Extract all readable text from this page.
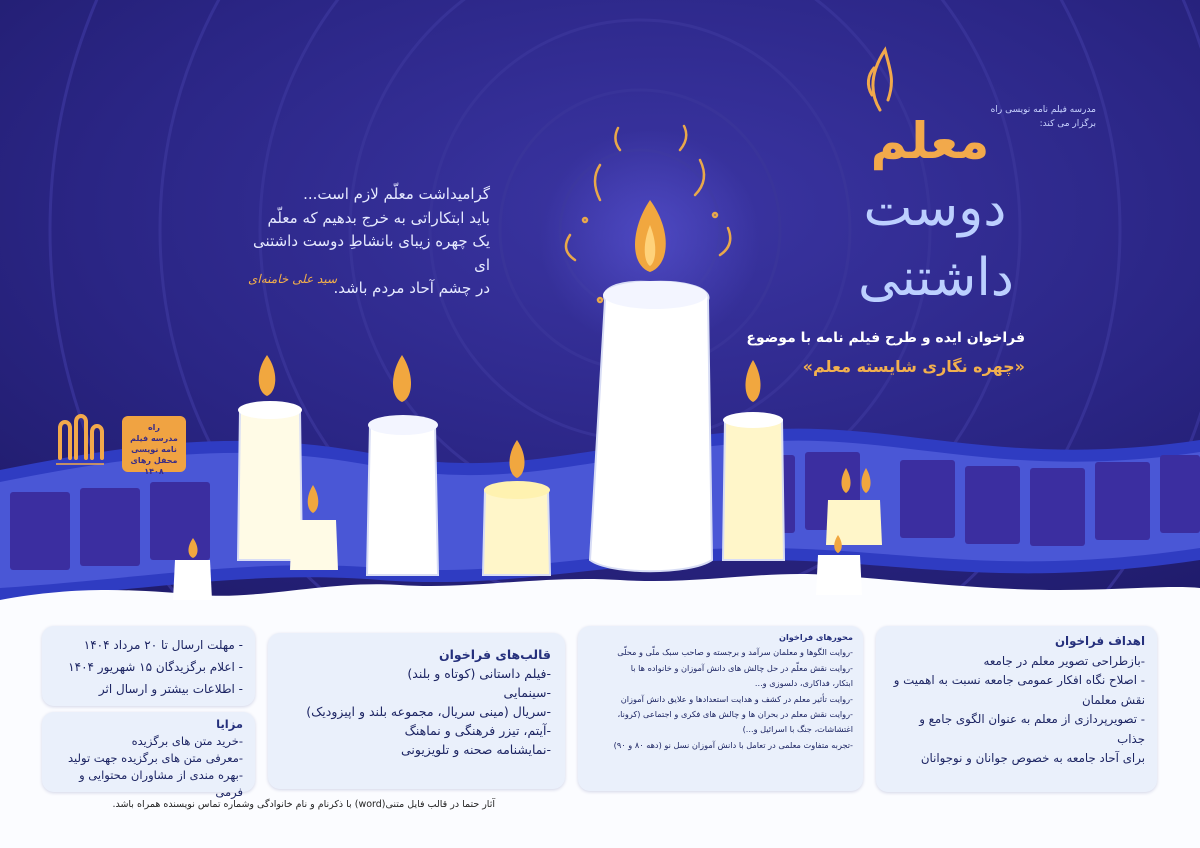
مدرسه فیلم نامه نویسی راه
برگزار می کند:
معلم
دوست
داشتنی
فراخوان ایده و طرح فیلم نامه با موضوع
«چهره نگاری شایسته معلم»
گرامیداشت معلّم لازم است...
باید ابتکاراتی به خرج بدهیم که معلّم
یک چهره زیبای بانشاطِ دوست داشتنی ای
در چشم آحاد مردم باشد.
سید علی خامنه‌ای
راه
مدرسه فیلم نامه نویسی
محفل رهای ۱۴۰۸
- مهلت ارسال تا ۲۰ مرداد ۱۴۰۴
- اعلام برگزیدگان ۱۵ شهریور ۱۴۰۴
- اطلاعات بیشتر و ارسال اثر
مزایا
-خرید متن های برگزیده
-معرفی متن های برگزیده جهت تولید
-بهره مندی از مشاوران محتوایی و فرمی
قالب‌های فراخوان
-فیلم داستانی (کوتاه و بلند)
-سینمایی
-سریال (مینی سریال، مجموعه بلند و اپیزودیک)
-آیتم، تیزر فرهنگی و نماهنگ
-نمایشنامه صحنه و تلویزیونی
محورهای فراخوان
-روایت الگوها و معلمان سرآمد و برجسته و صاحب سبک ملّی و محلّی
-روایت نقش معلّم در حل چالش های دانش آموزان و خانواده ها با
ابتکار، فداکاری، دلسوزی و...
-روایت تأثیر معلم در کشف و هدایت استعدادها و علایق دانش آموزان
-روایت نقش معلم در بحران ها و چالش های فکری و اجتماعی (کرونا،
اغتشاشات، جنگ با اسرائیل و...)
-تجربه متفاوت معلمی در تعامل با دانش آموزان نسل نو (دهه ۸۰ و ۹۰)
اهداف فراخوان
-بازطراحی تصویر معلم در جامعه
- اصلاح نگاه افکار عمومی جامعه نسبت به اهمیت و
نقش معلمان
- تصویرپردازی از معلم به عنوان الگوی جامع و جذاب
برای آحاد جامعه به خصوص جوانان و نوجوانان
آثار حتما در قالب فایل متنی(word) با ذکرنام و نام خانوادگی وشماره تماس نویسنده همراه باشد.
